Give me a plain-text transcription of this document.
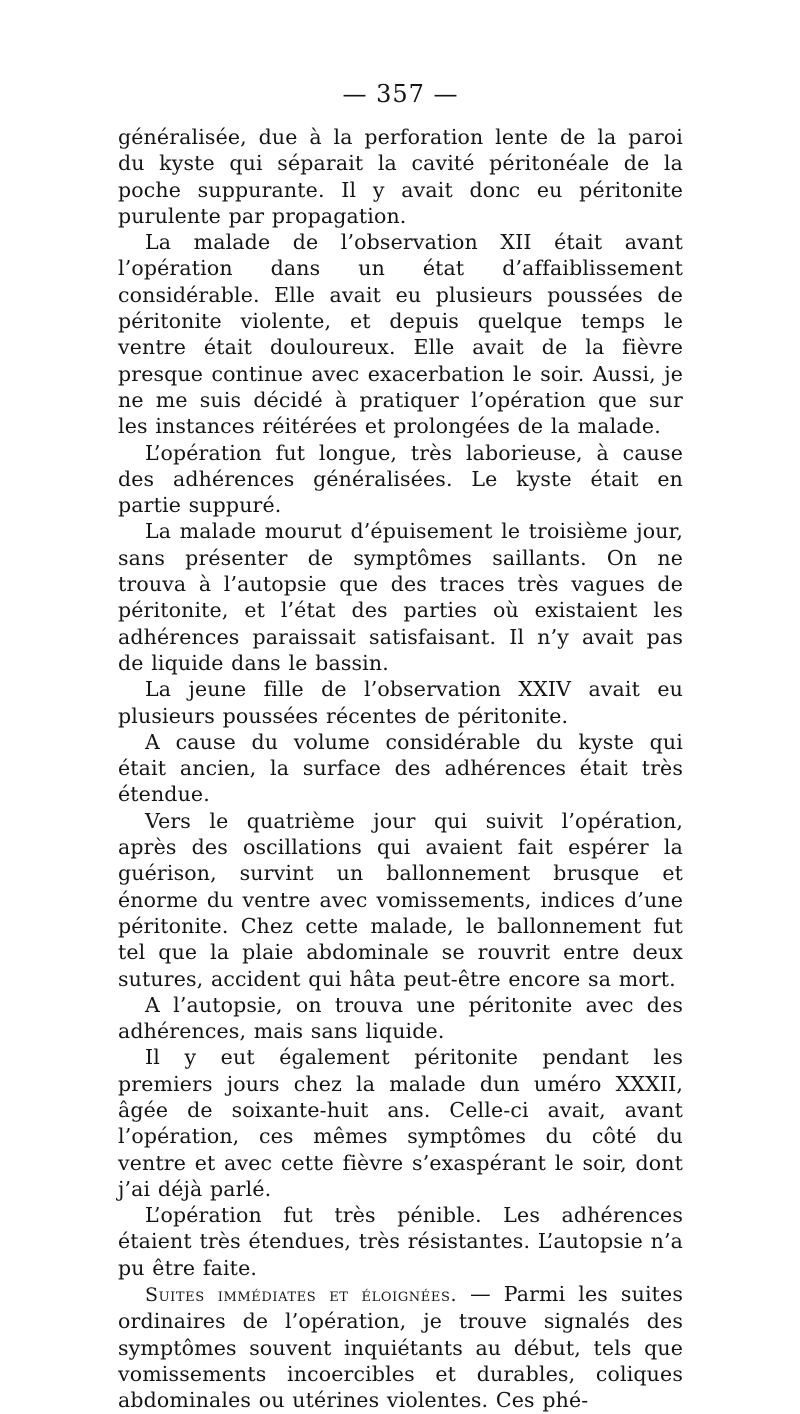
— 357 —

généralisée, due à la perforation lente de la paroi du kyste qui séparait la cavité péritonéale de la poche suppurante. Il y avait donc eu péritonite purulente par propagation.

La malade de l’observation XII était avant l’opération dans un état d’affaiblissement considérable. Elle avait eu plusieurs poussées de péritonite violente, et depuis quelque temps le ventre était douloureux. Elle avait de la fièvre presque continue avec exacerbation le soir. Aussi, je ne me suis décidé à pratiquer l’opération que sur les instances réitérées et prolongées de la malade.

L’opération fut longue, très laborieuse, à cause des adhérences généralisées. Le kyste était en partie suppuré.

La malade mourut d’épuisement le troisième jour, sans présenter de symptômes saillants. On ne trouva à l’autopsie que des traces très vagues de péritonite, et l’état des parties où existaient les adhérences paraissait satisfaisant. Il n’y avait pas de liquide dans le bassin.

La jeune fille de l’observation XXIV avait eu plusieurs poussées récentes de péritonite.

A cause du volume considérable du kyste qui était ancien, la surface des adhérences était très étendue.

Vers le quatrième jour qui suivit l’opération, après des oscillations qui avaient fait espérer la guérison, survint un ballonnement brusque et énorme du ventre avec vomissements, indices d’une péritonite. Chez cette malade, le ballonnement fut tel que la plaie abdominale se rouvrit entre deux sutures, accident qui hâta peut-être encore sa mort.

A l’autopsie, on trouva une péritonite avec des adhérences, mais sans liquide.

Il y eut également péritonite pendant les premiers jours chez la malade dun uméro XXXII, âgée de soixante-huit ans. Celle-ci avait, avant l’opération, ces mêmes symptômes du côté du ventre et avec cette fièvre s’exaspérant le soir, dont j’ai déjà parlé.

L’opération fut très pénible. Les adhérences étaient très étendues, très résistantes. L’autopsie n’a pu être faite.

Suites immédiates et éloignées. — Parmi les suites ordinaires de l’opération, je trouve signalés des symptômes souvent inquiétants au début, tels que vomissements incoercibles et durables, coliques abdominales ou utérines violentes. Ces phé-
